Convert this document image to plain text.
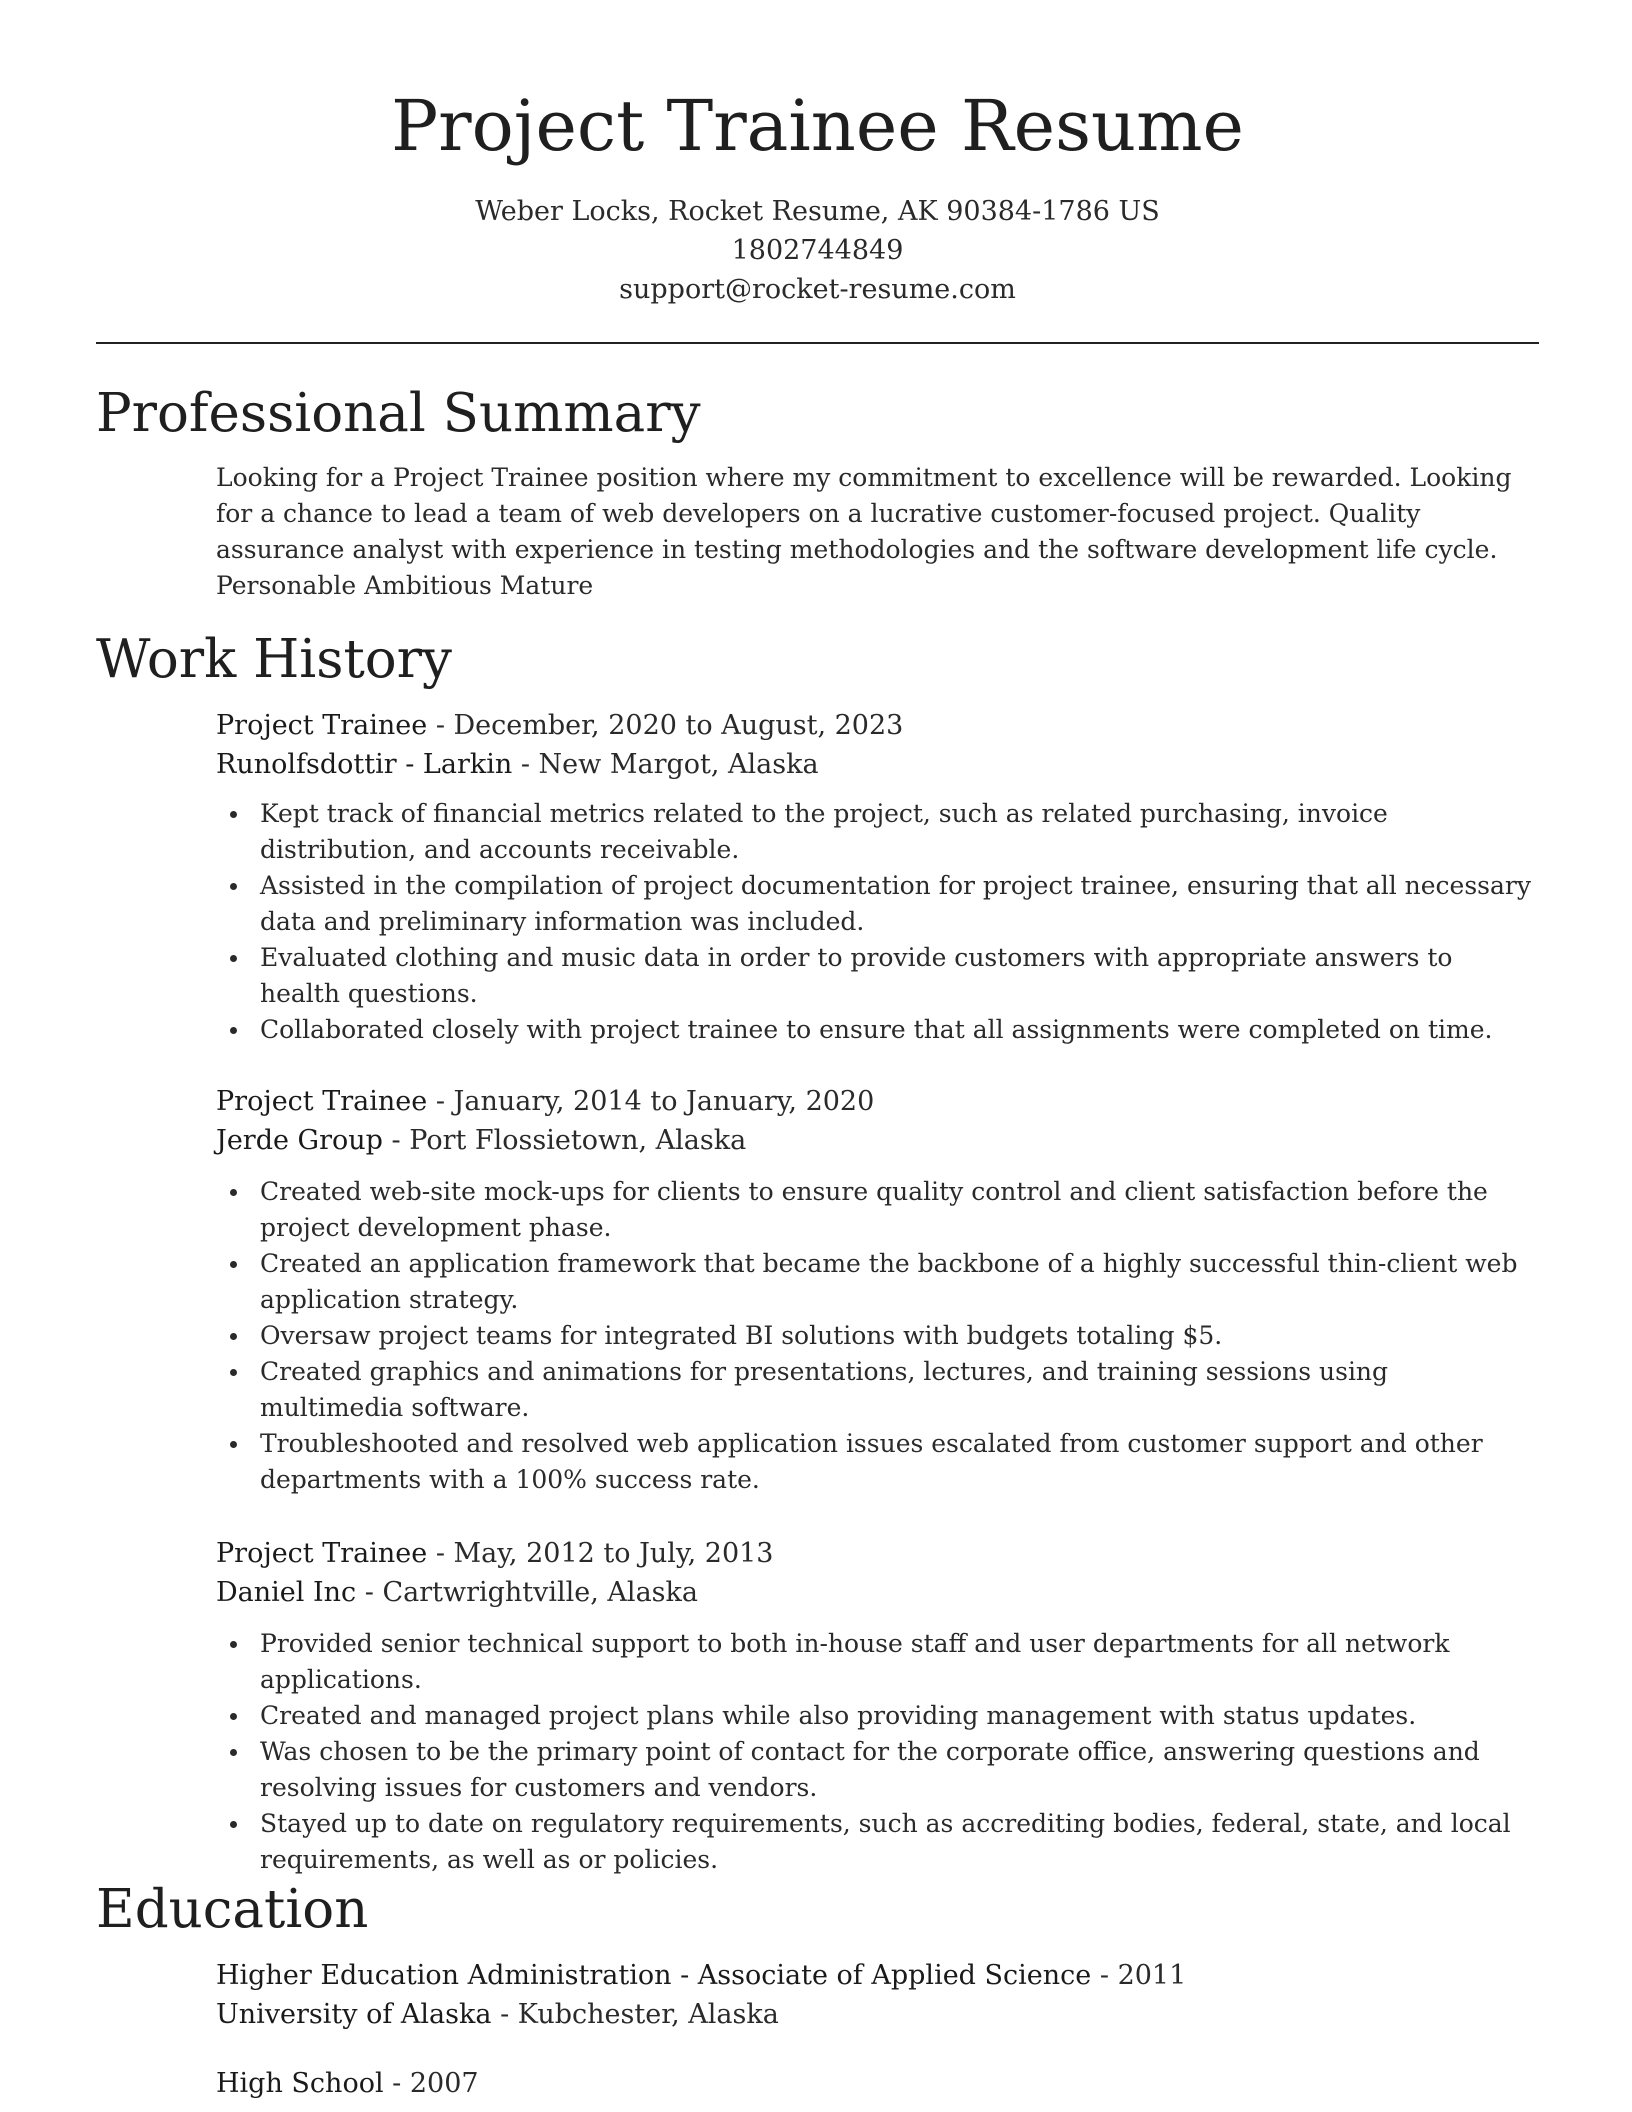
Project Trainee Resume
Weber Locks, Rocket Resume, AK 90384-1786 US
1802744849
support@rocket-resume.com
Professional Summary

Looking for a Project Trainee position where my commitment to excellence will be rewarded. Looking for a chance to lead a team of web developers on a lucrative customer-focused project. Quality assurance analyst with experience in testing methodologies and the software development life cycle. Personable Ambitious Mature

Work History
Project Trainee - December, 2020 to August, 2023
Runolfsdottir - Larkin - New Margot, Alaska
Kept track of financial metrics related to the project, such as related purchasing, invoice distribution, and accounts receivable.
Assisted in the compilation of project documentation for project trainee, ensuring that all necessary data and preliminary information was included.
Evaluated clothing and music data in order to provide customers with appropriate answers to health questions.
Collaborated closely with project trainee to ensure that all assignments were completed on time.
Project Trainee - January, 2014 to January, 2020
Jerde Group - Port Flossietown, Alaska
Created web-site mock-ups for clients to ensure quality control and client satisfaction before the project development phase.
Created an application framework that became the backbone of a highly successful thin-client web application strategy.
Oversaw project teams for integrated BI solutions with budgets totaling $5.
Created graphics and animations for presentations, lectures, and training sessions using multimedia software.
Troubleshooted and resolved web application issues escalated from customer support and other departments with a 100% success rate.
Project Trainee - May, 2012 to July, 2013
Daniel Inc - Cartwrightville, Alaska
Provided senior technical support to both in-house staff and user departments for all network applications.
Created and managed project plans while also providing management with status updates.
Was chosen to be the primary point of contact for the corporate office, answering questions and resolving issues for customers and vendors.
Stayed up to date on regulatory requirements, such as accrediting bodies, federal, state, and local requirements, as well as or policies.
Education
Higher Education Administration - Associate of Applied Science - 2011
University of Alaska - Kubchester, Alaska
High School - 2007
